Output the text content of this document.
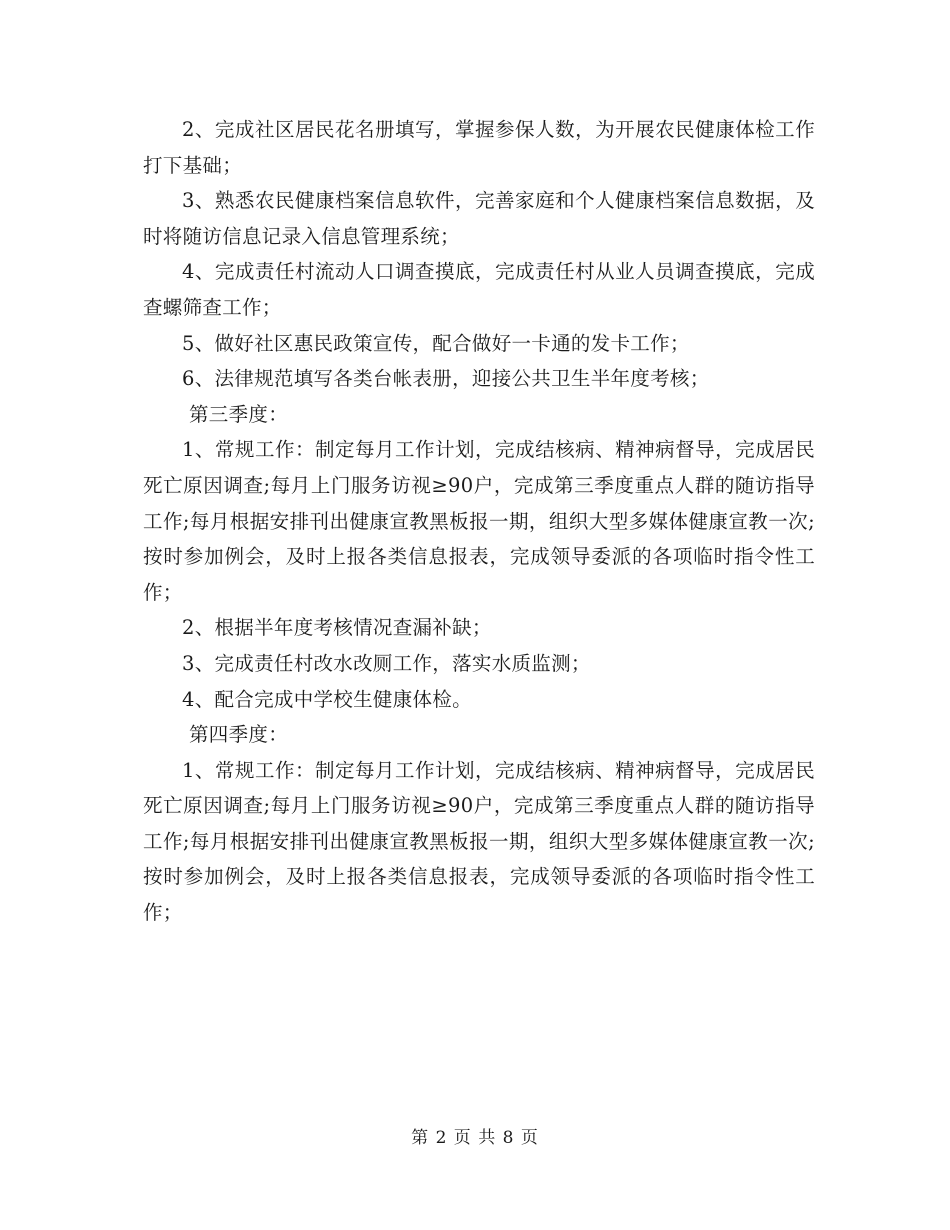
2、完成社区居民花名册填写，掌握参保人数，为开展农民健康体检工作打下基础；

3、熟悉农民健康档案信息软件，完善家庭和个人健康档案信息数据，及时将随访信息记录入信息管理系统；

4、完成责任村流动人口调查摸底，完成责任村从业人员调查摸底，完成查螺筛查工作；

5、做好社区惠民政策宣传，配合做好一卡通的发卡工作；

6、法律规范填写各类台帐表册，迎接公共卫生半年度考核；

第三季度：

1、常规工作：制定每月工作计划，完成结核病、精神病督导，完成居民死亡原因调查;每月上门服务访视≥90户，完成第三季度重点人群的随访指导工作;每月根据安排刊出健康宣教黑板报一期，组织大型多媒体健康宣教一次;按时参加例会，及时上报各类信息报表，完成领导委派的各项临时指令性工作；

2、根据半年度考核情况查漏补缺；

3、完成责任村改水改厕工作，落实水质监测；

4、配合完成中学校生健康体检。

第四季度：

1、常规工作：制定每月工作计划，完成结核病、精神病督导，完成居民死亡原因调查;每月上门服务访视≥90户，完成第三季度重点人群的随访指导工作;每月根据安排刊出健康宣教黑板报一期，组织大型多媒体健康宣教一次;按时参加例会，及时上报各类信息报表，完成领导委派的各项临时指令性工作；

第 2 页 共 8 页
